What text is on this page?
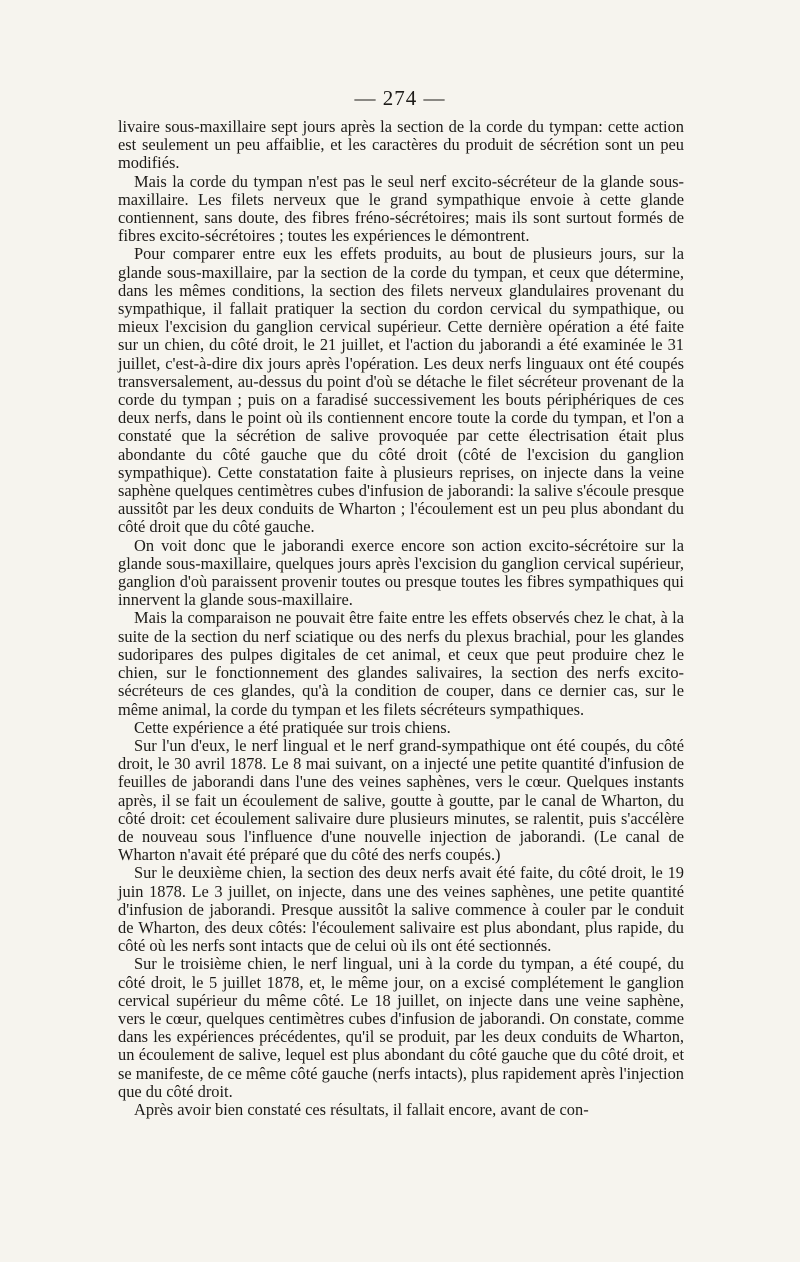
— 274 —

livaire sous-maxillaire sept jours après la section de la corde du tympan: cette action est seulement un peu affaiblie, et les caractères du produit de sécrétion sont un peu modifiés.

Mais la corde du tympan n'est pas le seul nerf excito-sécréteur de la glande sous-maxillaire. Les filets nerveux que le grand sympathique envoie à cette glande contiennent, sans doute, des fibres fréno-sécrétoires; mais ils sont surtout formés de fibres excito-sécrétoires ; toutes les expériences le démontrent.

Pour comparer entre eux les effets produits, au bout de plusieurs jours, sur la glande sous-maxillaire, par la section de la corde du tympan, et ceux que détermine, dans les mêmes conditions, la section des filets nerveux glandulaires provenant du sympathique, il fallait pratiquer la section du cordon cervical du sympathique, ou mieux l'excision du ganglion cervical supérieur. Cette dernière opération a été faite sur un chien, du côté droit, le 21 juillet, et l'action du jaborandi a été examinée le 31 juillet, c'est-à-dire dix jours après l'opération. Les deux nerfs linguaux ont été coupés transversalement, au-dessus du point d'où se détache le filet sécréteur provenant de la corde du tympan ; puis on a faradisé successivement les bouts périphériques de ces deux nerfs, dans le point où ils contiennent encore toute la corde du tympan, et l'on a constaté que la sécrétion de salive provoquée par cette électrisation était plus abondante du côté gauche que du côté droit (côté de l'excision du ganglion sympathique). Cette constatation faite à plusieurs reprises, on injecte dans la veine saphène quelques centimètres cubes d'infusion de jaborandi: la salive s'écoule presque aussitôt par les deux conduits de Wharton ; l'écoulement est un peu plus abondant du côté droit que du côté gauche.

On voit donc que le jaborandi exerce encore son action excito-sécrétoire sur la glande sous-maxillaire, quelques jours après l'excision du ganglion cervical supérieur, ganglion d'où paraissent provenir toutes ou presque toutes les fibres sympathiques qui innervent la glande sous-maxillaire.

Mais la comparaison ne pouvait être faite entre les effets observés chez le chat, à la suite de la section du nerf sciatique ou des nerfs du plexus brachial, pour les glandes sudoripares des pulpes digitales de cet animal, et ceux que peut produire chez le chien, sur le fonctionnement des glandes salivaires, la section des nerfs excito-sécréteurs de ces glandes, qu'à la condition de couper, dans ce dernier cas, sur le même animal, la corde du tympan et les filets sécréteurs sympathiques.

Cette expérience a été pratiquée sur trois chiens.

Sur l'un d'eux, le nerf lingual et le nerf grand-sympathique ont été coupés, du côté droit, le 30 avril 1878. Le 8 mai suivant, on a injecté une petite quantité d'infusion de feuilles de jaborandi dans l'une des veines saphènes, vers le cœur. Quelques instants après, il se fait un écoulement de salive, goutte à goutte, par le canal de Wharton, du côté droit: cet écoulement salivaire dure plusieurs minutes, se ralentit, puis s'accélère de nouveau sous l'influence d'une nouvelle injection de jaborandi. (Le canal de Wharton n'avait été préparé que du côté des nerfs coupés.)

Sur le deuxième chien, la section des deux nerfs avait été faite, du côté droit, le 19 juin 1878. Le 3 juillet, on injecte, dans une des veines saphènes, une petite quantité d'infusion de jaborandi. Presque aussitôt la salive commence à couler par le conduit de Wharton, des deux côtés: l'écoulement salivaire est plus abondant, plus rapide, du côté où les nerfs sont intacts que de celui où ils ont été sectionnés.

Sur le troisième chien, le nerf lingual, uni à la corde du tympan, a été coupé, du côté droit, le 5 juillet 1878, et, le même jour, on a excisé complétement le ganglion cervical supérieur du même côté. Le 18 juillet, on injecte dans une veine saphène, vers le cœur, quelques centimètres cubes d'infusion de jaborandi. On constate, comme dans les expériences précédentes, qu'il se produit, par les deux conduits de Wharton, un écoulement de salive, lequel est plus abondant du côté gauche que du côté droit, et se manifeste, de ce même côté gauche (nerfs intacts), plus rapidement après l'injection que du côté droit.

Après avoir bien constaté ces résultats, il fallait encore, avant de con-
